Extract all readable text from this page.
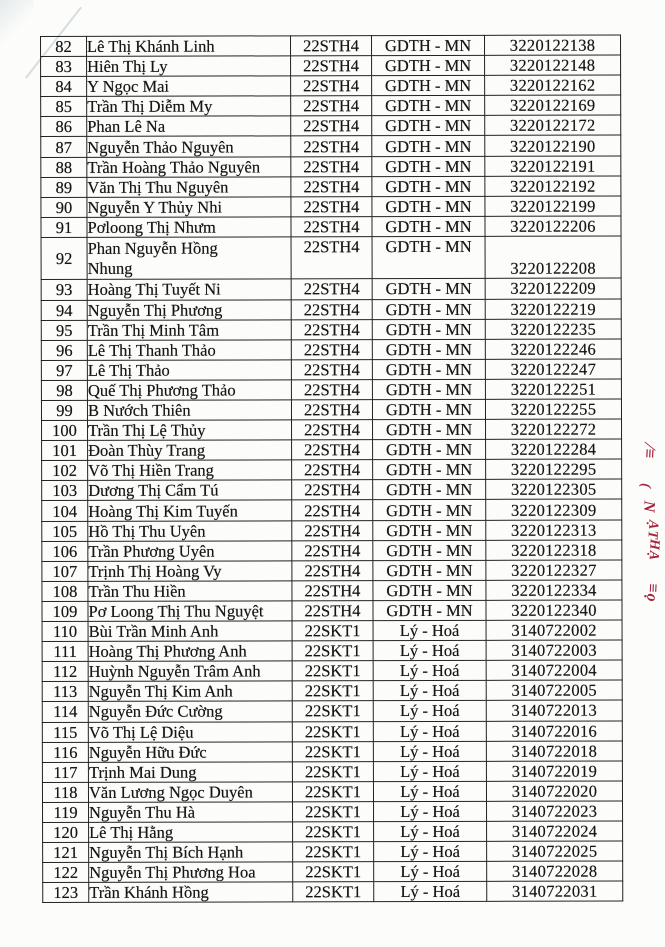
82	Lê Thị Khánh Linh	22STH4	GDTH - MN	3220122138
83	Hiên Thị Ly	22STH4	GDTH - MN	3220122148
84	Y Ngọc Mai	22STH4	GDTH - MN	3220122162
85	Trần Thị Diễm My	22STH4	GDTH - MN	3220122169
86	Phan Lê Na	22STH4	GDTH - MN	3220122172
87	Nguyễn Thảo Nguyên	22STH4	GDTH - MN	3220122190
88	Trần Hoàng Thảo Nguyên	22STH4	GDTH - MN	3220122191
89	Văn Thị Thu Nguyên	22STH4	GDTH - MN	3220122192
90	Nguyễn Y Thủy Nhi	22STH4	GDTH - MN	3220122199
91	Pơloong Thị Nhưm	22STH4	GDTH - MN	3220122206
92	Phan Nguyễn Hồng Nhung	22STH4	GDTH - MN	3220122208
93	Hoàng Thị Tuyết Ni	22STH4	GDTH - MN	3220122209
94	Nguyễn Thị Phương	22STH4	GDTH - MN	3220122219
95	Trần Thị Minh Tâm	22STH4	GDTH - MN	3220122235
96	Lê Thị Thanh Thảo	22STH4	GDTH - MN	3220122246
97	Lê Thị Thảo	22STH4	GDTH - MN	3220122247
98	Quế Thị Phương Thảo	22STH4	GDTH - MN	3220122251
99	B Nướch Thiên	22STH4	GDTH - MN	3220122255
100	Trần Thị Lệ Thủy	22STH4	GDTH - MN	3220122272
101	Đoàn Thùy Trang	22STH4	GDTH - MN	3220122284
102	Võ Thị Hiền Trang	22STH4	GDTH - MN	3220122295
103	Dương Thị Cẩm Tú	22STH4	GDTH - MN	3220122305
104	Hoàng Thị Kim Tuyến	22STH4	GDTH - MN	3220122309
105	Hồ Thị Thu Uyên	22STH4	GDTH - MN	3220122313
106	Trần Phương Uyên	22STH4	GDTH - MN	3220122318
107	Trịnh Thị Hoàng Vy	22STH4	GDTH - MN	3220122327
108	Trần Thu Hiền	22STH4	GDTH - MN	3220122334
109	Pơ Loong Thị Thu Nguyệt	22STH4	GDTH - MN	3220122340
110	Bùi Trần Minh Anh	22SKT1	Lý - Hoá	3140722002
111	Hoàng Thị Phương Anh	22SKT1	Lý - Hoá	3140722003
112	Huỳnh Nguyễn Trâm Anh	22SKT1	Lý - Hoá	3140722004
113	Nguyễn Thị Kim Anh	22SKT1	Lý - Hoá	3140722005
114	Nguyễn Đức Cường	22SKT1	Lý - Hoá	3140722013
115	Võ Thị Lệ Diệu	22SKT1	Lý - Hoá	3140722016
116	Nguyễn Hữu Đức	22SKT1	Lý - Hoá	3140722018
117	Trịnh Mai Dung	22SKT1	Lý - Hoá	3140722019
118	Văn Lương Ngọc Duyên	22SKT1	Lý - Hoá	3140722020
119	Nguyễn Thu Hà	22SKT1	Lý - Hoá	3140722023
120	Lê Thị Hằng	22SKT1	Lý - Hoá	3140722024
121	Nguyễn Thị Bích Hạnh	22SKT1	Lý - Hoá	3140722025
122	Nguyễn Thị Phương Hoa	22SKT1	Lý - Hoá	3140722028
123	Trần Khánh Hồng	22SKT1	Lý - Hoá	3140722031
⁄≡
(
N
ẠT
HẠ
≡ọ
